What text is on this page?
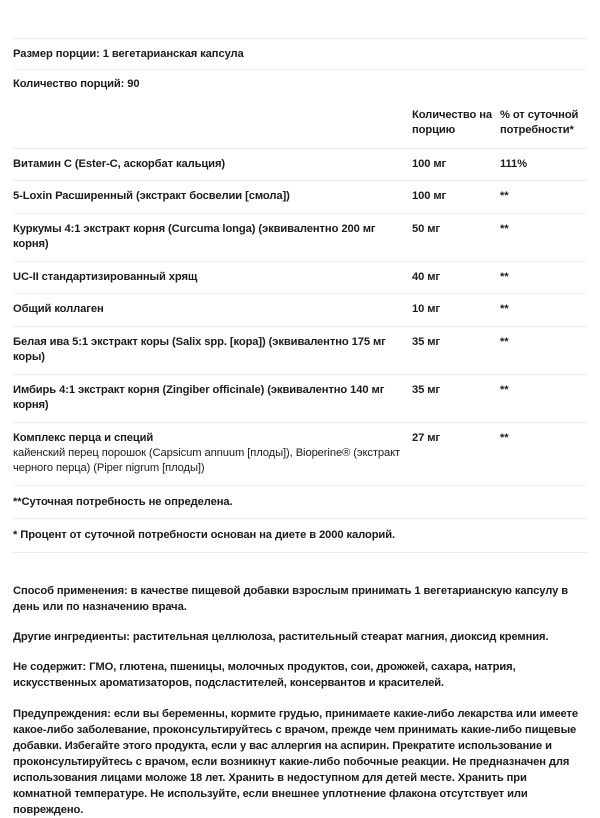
Размер порции: 1 вегетарианская капсула
Количество порций: 90
	Количество на порцию	% от суточной потребности*
Витамин C (Ester-C, аскорбат кальция)	100 мг	111%
5-Loxin Расширенный (экстракт босвелии [смола])	100 мг	**
Куркумы 4:1 экстракт корня (Curcuma longa) (эквивалентно 200 мг корня)	50 мг	**
UC-II стандартизированный хрящ	40 мг	**
Общий коллаген	10 мг	**
Белая ива 5:1 экстракт коры (Salix spp. [кора]) (эквивалентно 175 мг коры)	35 мг	**
Имбирь 4:1 экстракт корня (Zingiber officinale) (эквивалентно 140 мг корня)	35 мг	**

Комплекс перца и специй
кайенский перец порошок (Capsicum annuum [плоды]), Bioperine® (экстракт черного перца) (Piper nigrum [плоды])	27 мг	**
**Суточная потребность не определена.
* Процент от суточной потребности основан на диете в 2000 калорий.

Способ применения: в качестве пищевой добавки взрослым принимать 1 вегетарианскую капсулу в день или по назначению врача.

Другие ингредиенты: растительная целлюлоза, растительный стеарат магния, диоксид кремния.

Не содержит: ГМО, глютена, пшеницы, молочных продуктов, сои, дрожжей, сахара, натрия, искусственных ароматизаторов, подсластителей, консервантов и красителей.

Предупреждения: если вы беременны, кормите грудью, принимаете какие-либо лекарства или имеете какое-либо заболевание, проконсультируйтесь с врачом, прежде чем принимать какие-либо пищевые добавки. Избегайте этого продукта, если у вас аллергия на аспирин. Прекратите использование и проконсультируйтесь с врачом, если возникнут какие-либо побочные реакции. Не предназначен для использования лицами моложе 18 лет. Хранить в недоступном для детей месте. Хранить при комнатной температуре. Не используйте, если внешнее уплотнение флакона отсутствует или повреждено.
